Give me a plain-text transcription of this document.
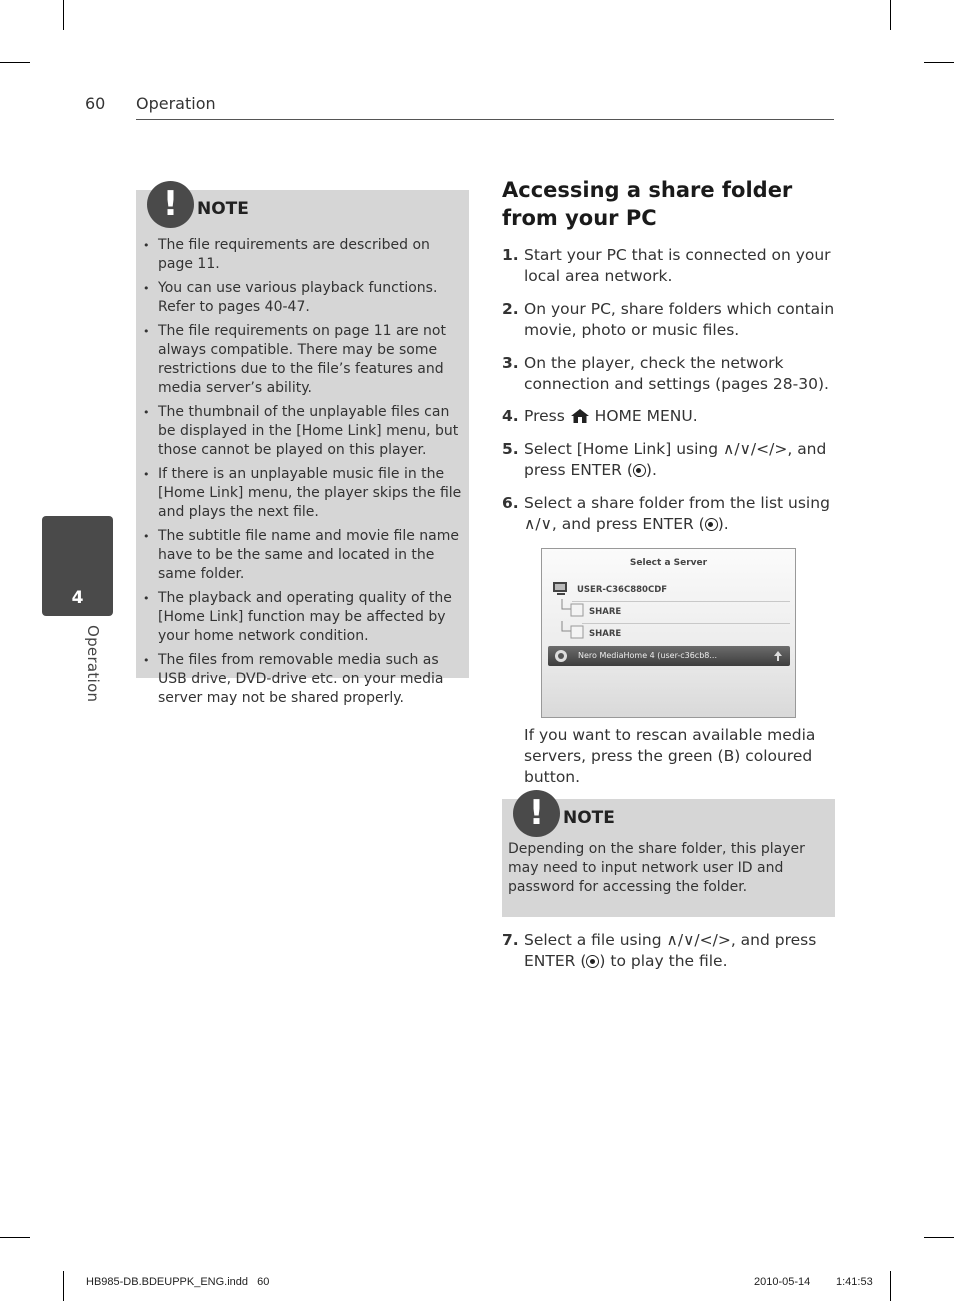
60 Operation
4
Operation
!	NOTE
• The file requirements are described on page 11.
• You can use various playback functions. Refer to pages 40-47.
• The file requirements on page 11 are not always compatible. There may be some restrictions due to the file’s features and media server’s ability.
• The thumbnail of the unplayable files can be displayed in the [Home Link] menu, but those cannot be played on this player.
• If there is an unplayable music file in the [Home Link] menu, the player skips the file and plays the next file.
• The subtitle file name and movie file name have to be the same and located in the same folder.
• The playback and operating quality of the [Home Link] function may be affected by your home network condition.
• The files from removable media such as USB drive, DVD-drive etc. on your media server may not be shared properly.
Accessing a share folder from your PC
1. Start your PC that is connected on your local area network.
2. On your PC, share folders which contain movie, photo or music files.
3. On the player, check the network connection and settings (pages 28-30).
4. Press  HOME MENU.
5. Select [Home Link] using ∧/∨/</>, and press ENTER ( ).
6. Select a share folder from the list using ∧/∨, and press ENTER ( ).
Select a Server
USER-C36C880CDF
SHARE
SHARE
Nero MediaHome 4 (user-c36cb8...
If you want to rescan available media servers, press the green (B) coloured button.
!	NOTE
Depending on the share folder, this player may need to input network user ID and password for accessing the folder.
7. Select a file using ∧/∨/</>, and press ENTER ( ) to play the file.
HB985-DB.BDEUPPK_ENG.indd   60	2010-05-14 1:41:53
